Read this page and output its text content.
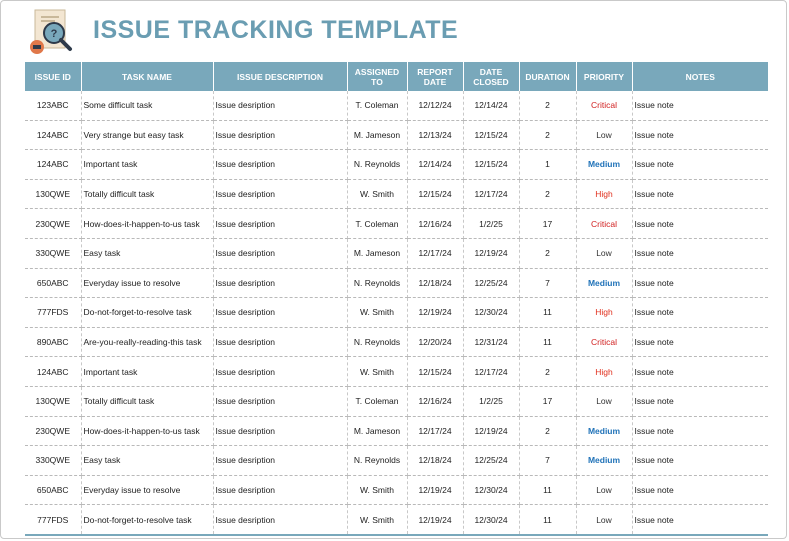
? ISSUE TRACKING TEMPLATE
ISSUE ID	TASK NAME	ISSUE DESCRIPTION	ASSIGNED TO	REPORT DATE	DATE CLOSED	DURATION	PRIORITY	NOTES
123ABC	Some difficult task	Issue desription	T. Coleman	12/12/24	12/14/24	2	Critical	Issue note
124ABC	Very strange but easy task	Issue desription	M. Jameson	12/13/24	12/15/24	2	Low	Issue note
124ABC	Important task	Issue desription	N. Reynolds	12/14/24	12/15/24	1	Medium	Issue note
130QWE	Totally difficult task	Issue desription	W. Smith	12/15/24	12/17/24	2	High	Issue note
230QWE	How-does-it-happen-to-us task	Issue desription	T. Coleman	12/16/24	1/2/25	17	Critical	Issue note
330QWE	Easy task	Issue desription	M. Jameson	12/17/24	12/19/24	2	Low	Issue note
650ABC	Everyday issue to resolve	Issue desription	N. Reynolds	12/18/24	12/25/24	7	Medium	Issue note
777FDS	Do-not-forget-to-resolve task	Issue desription	W. Smith	12/19/24	12/30/24	11	High	Issue note
890ABC	Are-you-really-reading-this task	Issue desription	N. Reynolds	12/20/24	12/31/24	11	Critical	Issue note
124ABC	Important task	Issue desription	W. Smith	12/15/24	12/17/24	2	High	Issue note
130QWE	Totally difficult task	Issue desription	T. Coleman	12/16/24	1/2/25	17	Low	Issue note
230QWE	How-does-it-happen-to-us task	Issue desription	M. Jameson	12/17/24	12/19/24	2	Medium	Issue note
330QWE	Easy task	Issue desription	N. Reynolds	12/18/24	12/25/24	7	Medium	Issue note
650ABC	Everyday issue to resolve	Issue desription	W. Smith	12/19/24	12/30/24	11	Low	Issue note
777FDS	Do-not-forget-to-resolve task	Issue desription	W. Smith	12/19/24	12/30/24	11	Low	Issue note
